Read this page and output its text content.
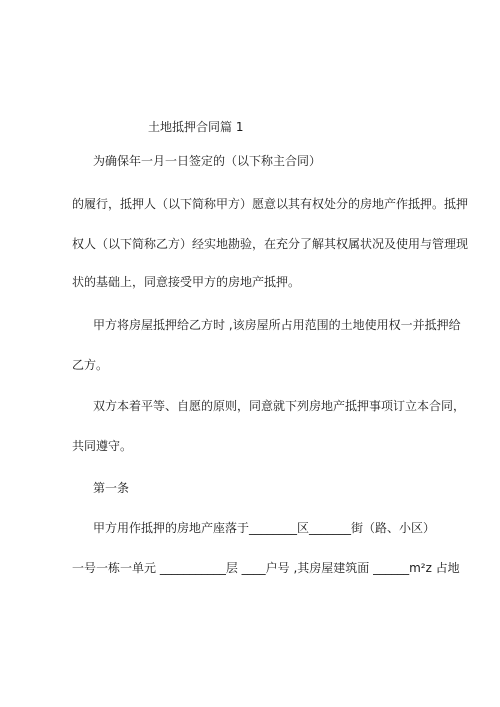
土地抵押合同篇 1
为确保年一月一日签定的（以下称主合同）
的履行，抵押人（以下简称甲方）愿意以其有权处分的房地产作抵押。抵押
权人（以下简称乙方）经实地勘验，在充分了解其权属状况及使用与管理现
状的基础上，同意接受甲方的房地产抵押。
甲方将房屋抵押给乙方时 ,该房屋所占用范围的土地使用权一并抵押给
乙方。
双方本着平等、自愿的原则，同意就下列房地产抵押事项订立本合同，
共同遵守。
第一条
甲方用作抵押的房地产座落于________区_______街（路、小区）
一号一栋一单元 ___________层 ____户号 ,其房屋建筑面 ______m²z 占地
